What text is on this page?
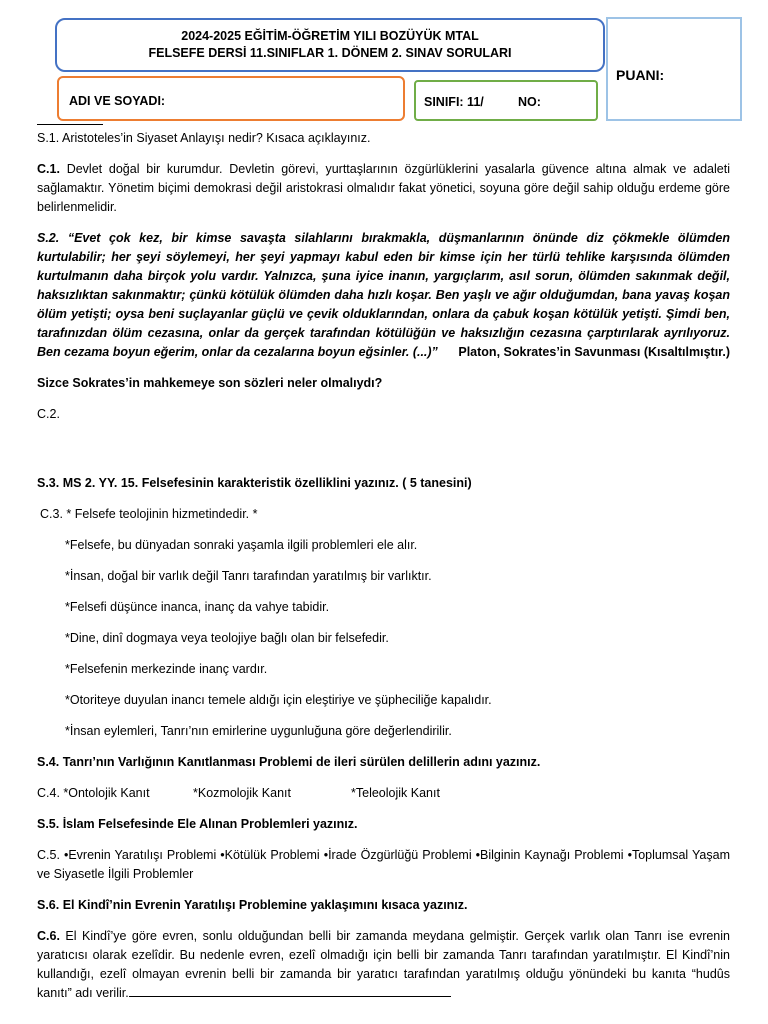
2024-2025 EĞİTİM-ÖĞRETİM YILI BOZÜYÜK MTAL
FELSEFE DERSİ 11.SINIFLAR 1. DÖNEM 2. SINAV SORULARI
ADI VE SOYADI:	SINIFI: 11/	NO:
PUANI:

S.1. Aristoteles’in Siyaset Anlayışı nedir? Kısaca açıklayınız.

C.1. Devlet doğal bir kurumdur. Devletin görevi, yurttaşlarının özgürlüklerini yasalarla güvence altına almak ve adaleti sağlamaktır. Yönetim biçimi demokrasi değil aristokrasi olmalıdır fakat yönetici, soyuna göre değil sahip olduğu erdeme göre belirlenmelidir.

S.2. “Evet çok kez, bir kimse savaşta silahlarını bırakmakla, düşmanlarının önünde diz çökmekle ölümden kurtulabilir; her şeyi söylemeyi, her şeyi yapmayı kabul eden bir kimse için her türlü tehlike karşısında ölümden kurtulmanın daha birçok yolu vardır. Yalnızca, şuna iyice inanın, yargıçlarım, asıl sorun, ölümden sakınmak değil, haksızlıktan sakınmaktır; çünkü kötülük ölümden daha hızlı koşar. Ben yaşlı ve ağır olduğumdan, bana yavaş koşan ölüm yetişti; oysa beni suçlayanlar güçlü ve çevik olduklarından, onlara da çabuk koşan kötülük yetişti. Şimdi ben, tarafınızdan ölüm cezasına, onlar da gerçek tarafından kötülüğün ve haksızlığın cezasına çarptırılarak ayrılıyoruz. Ben cezama boyun eğerim, onlar da cezalarına boyun eğsinler. (...)” Platon, Sokrates’in Savunması (Kısaltılmıştır.)

Sizce Sokrates’in mahkemeye son sözleri neler olmalıydı?

C.2.

S.3. MS 2. YY. 15. Felsefesinin karakteristik özelliklini yazınız. ( 5 tanesini)

C.3. * Felsefe teolojinin hizmetindedir. *

*Felsefe, bu dünyadan sonraki yaşamla ilgili problemleri ele alır.
*İnsan, doğal bir varlık değil Tanrı tarafından yaratılmış bir varlıktır.
*Felsefi düşünce inanca, inanç da vahye tabidir.
*Dine, dinî dogmaya veya teolojiye bağlı olan bir felsefedir.
*Felsefenin merkezinde inanç vardır.
*Otoriteye duyulan inancı temele aldığı için eleştiriye ve şüpheciliğe kapalıdır.
*İnsan eylemleri, Tanrı’nın emirlerine uygunluğuna göre değerlendirilir.

S.4. Tanrı’nın Varlığının Kanıtlanması Problemi de ileri sürülen delillerin adını yazınız.

C.4. *Ontolojik Kanıt	*Kozmolojik Kanıt	*Teleolojik Kanıt

S.5. İslam Felsefesinde Ele Alınan Problemleri yazınız.

C.5. •Evrenin Yaratılışı Problemi •Kötülük Problemi •İrade Özgürlüğü Problemi •Bilginin Kaynağı Problemi •Toplumsal Yaşam ve Siyasetle İlgili Problemler

S.6. El Kindî’nin Evrenin Yaratılışı Problemine yaklaşımını kısaca yazınız.

C.6. El Kindî’ye göre evren, sonlu olduğundan belli bir zamanda meydana gelmiştir. Gerçek varlık olan Tanrı ise evrenin yaratıcısı olarak ezelîdir. Bu nedenle evren, ezelî olmadığı için belli bir zamanda Tanrı tarafından yaratılmıştır. El Kindî’nin kullandığı, ezelî olmayan evrenin belli bir zamanda bir yaratıcı tarafından yaratılmış olduğu yönündeki bu kanıta “hudûs kanıtı” adı verilir.
